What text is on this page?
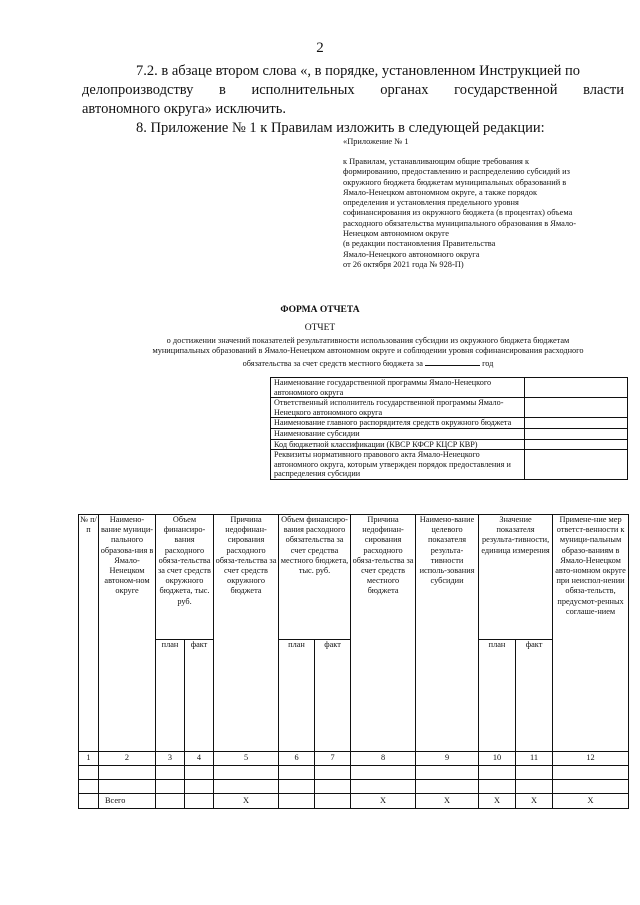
2
7.2. в абзаце втором слова «, в порядке, установленном Инструкцией по
делопроизводству в исполнительных органах государственной власти
автономного округа» исключить.
8. Приложение № 1 к Правилам изложить в следующей редакции:
«Приложение № 1
к Правилам, устанавливающим общие требования к
формированию, предоставлению и распределению субсидий из
окружного бюджета бюджетам муниципальных образований в
Ямало-Ненецком автономном округе, а также порядок
определения и установления предельного уровня
софинансирования из окружного бюджета (в процентах) объема
расходного обязательства муниципального образования в Ямало-
Ненецком автономном округе
(в редакции постановления Правительства
Ямало-Ненецкого автономного округа
от 26 октября 2021 года № 928-П)
ФОРМА ОТЧЕТА
ОТЧЕТ
о достижении значений показателей результативности использования субсидии из окружного бюджета бюджетам
муниципальных образований в Ямало-Ненецком автономном округе и соблюдении уровня софинансирования расходного
обязательства за счет средств местного бюджета за	год
Наименование государственной программы Ямало-Ненецкого автономного округа	
Ответственный исполнитель государственной программы Ямало-Ненецкого автономного округа	
Наименование главного распорядителя средств окружного бюджета	
Наименование субсидии	
Код бюджетной классификации (КВСР КФСР КЦСР КВР)	
Реквизиты нормативного правового акта Ямало-Ненецкого автономного округа, которым утвержден порядок предоставления и распределения субсидии	
№ п/п	Наимено-вание муници-пального образова-ния в Ямало-Ненецком автоном-ном округе	Объем финансиро-вания расходного обяза-тельства за счет средств окружного бюджета, тыс. руб.		Причина недофинан-сирования расходного обяза-тельства за счет средств окружного бюджета	Объем финансиро-вания расходного обязательства за счет средства местного бюджета, тыс. руб.		Причина недофинан-сирования расходного обяза-тельства за счет средств местного бюджета	Наимено-вание целевого показателя результа-тивности исполь-зования субсидии	Значение показателя результа-тивности, единица измерения		Примене-ние мер ответст-венности к муници-пальным образо-ваниям в Ямало-Ненецком авто-номном округе при неиспол-нении обяза-тельств, предусмот-ренных соглаше-нием
		план	факт		план	факт			план	факт	
1	2	3	4	5	6	7	8	9	10	11	12

	Всего			Х			Х	Х	Х	Х	Х
